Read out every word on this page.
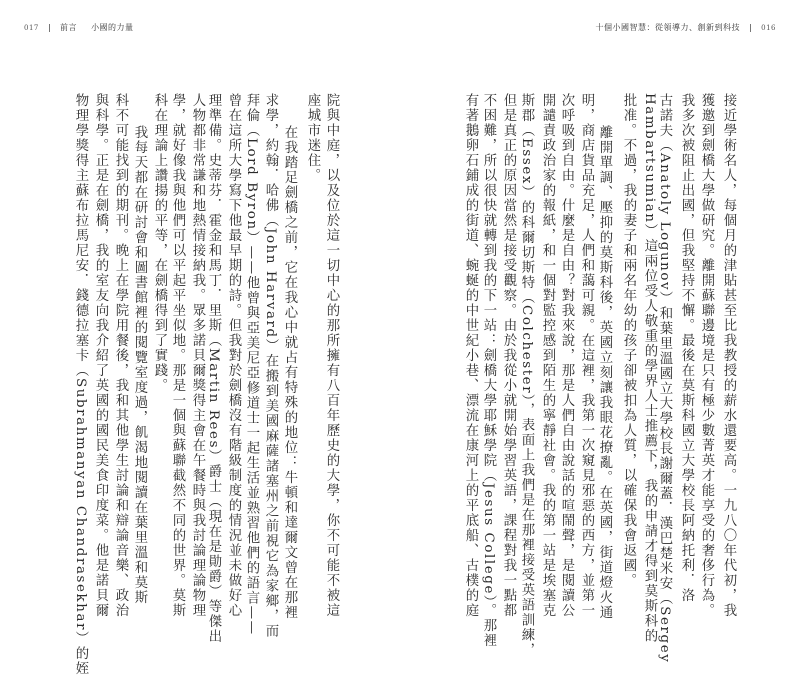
017	前言 小國的力量
院與中庭，以及位於這一切中心的那所擁有八百年歷史的大學，你不可能不被這
座城市迷住。
在我踏足劍橋之前，它在我心中就占有特殊的地位：牛頓和達爾文曾在那裡
求學，約翰．哈佛（John Harvard）在搬到美國麻薩諸塞州之前視它為家鄉，而
拜倫（Lord Byron）——他曾與亞美尼亞修道士一起生活並熟習他們的語言——
曾在這所大學寫下他最早期的詩。但我對於劍橋沒有階級制度的情況並未做好心
理準備。史蒂芬．霍金和馬丁．里斯（Martin Rees）爵士（現在是勛爵）等傑出
人物都非常謙和地熱情接納我。眾多諾貝爾獎得主會在午餐時與我討論理論物理
學，就好像我與他們可以平起平坐似地。那是一個與蘇聯截然不同的世界。莫斯
科在理論上讚揚的平等，在劍橋得到了實踐。
我每天都在研討會和圖書館裡的閱覽室度過，飢渴地閱讀在葉里溫和莫斯
科不可能找到的期刊。晚上在學院用餐後，我和其他學生討論和辯論音樂、政治
與科學。正是在劍橋，我的室友向我介紹了英國的國民美食印度菜。他是諾貝爾
物理學獎得主蘇布拉馬尼安．錢德拉塞卡（Subrahmanyan Chandrasekhar）的姪
十個小國智慧：從領導力、創新到科技	016
接近學術名人，每個月的津貼甚至比我教授的薪水還要高。一九八〇年代初，我
獲邀到劍橋大學做研究。離開蘇聯邊境是只有極少數菁英才能享受的奢侈行為。
我多次被阻止出國，但我堅持不懈。最後在莫斯科國立大學校長阿納托利．洛
古諾夫（Anatoly Logunov）和葉里溫國立大學校長謝爾蓋．漢巴楚米安（Sergey
Hambartsumian）這兩位受人敬重的學界人士推薦下，我的申請才得到莫斯科的
批准。不過，我的妻子和兩名年幼的孩子卻被扣為人質，以確保我會返國。
離開單調、壓抑的莫斯科後，英國立刻讓我眼花撩亂。在英國，街道燈火通
明，商店貨品充足，人們和藹可親。在這裡，我第一次窺見邪惡的西方，並第一
次呼吸到自由。什麼是自由？對我來說，那是人們自由說話的喧鬧聲，是閱讀公
開譴責政治家的報紙，和一個對監控感到陌生的寧靜社會。我的第一站是埃塞克
斯郡（Essex）的科爾切斯特（Colchester），表面上我們是在那裡接受英語訓練，
但是真正的原因當然是接受觀察。由於我從小就開始學習英語，課程對我一點都
不困難，所以很快就轉到我的下一站：劍橋大學耶穌學院（Jesus College）。那裡
有著鵝卵石鋪成的街道、蜿蜒的中世紀小巷、漂流在康河上的平底船、古樸的庭
